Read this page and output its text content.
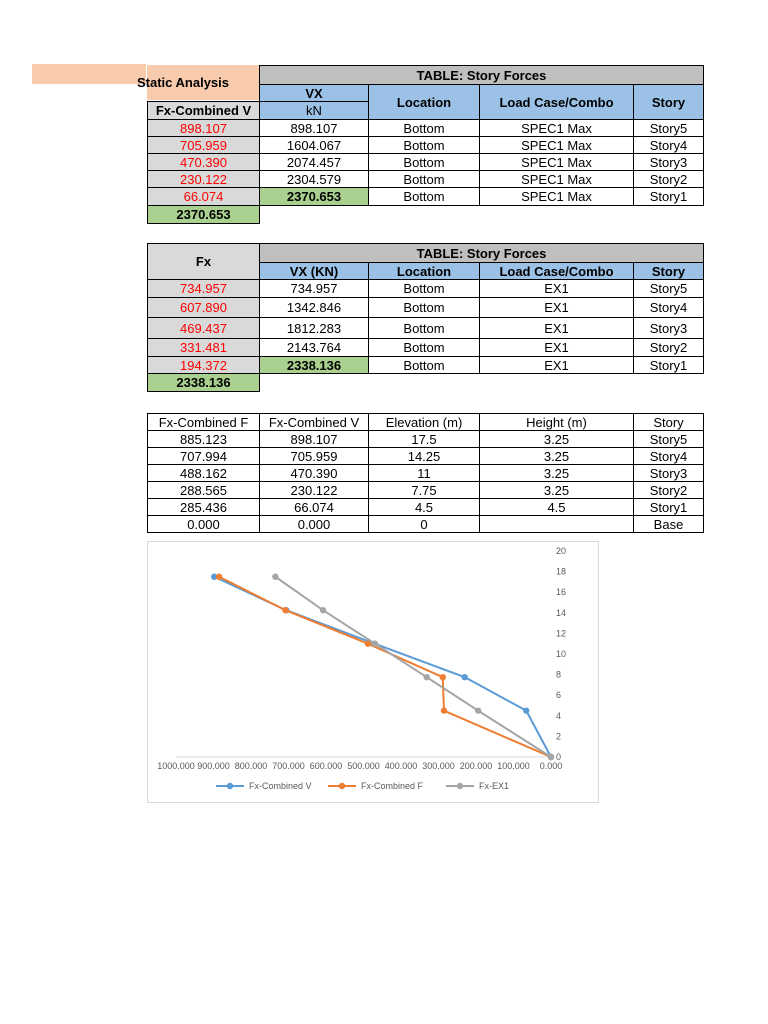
Static Analysis
		TABLE: Story Forces			
	VX	Location	Load Case/Combo	Story
Fx-Combined V	kN			
898.107	898.107	Bottom	SPEC1 Max	Story5
705.959	1604.067	Bottom	SPEC1 Max	Story4
470.390	2074.457	Bottom	SPEC1 Max	Story3
230.122	2304.579	Bottom	SPEC1 Max	Story2
66.074	2370.653	Bottom	SPEC1 Max	Story1
2370.653				
Fx	TABLE: Story Forces			
	VX (KN)	Location	Load Case/Combo	Story
734.957	734.957	Bottom	EX1	Story5
607.890	1342.846	Bottom	EX1	Story4
469.437	1812.283	Bottom	EX1	Story3
331.481	2143.764	Bottom	EX1	Story2
194.372	2338.136	Bottom	EX1	Story1
2338.136				
Fx-Combined F	Fx-Combined V	Elevation (m)	Height (m)	Story
885.123	898.107	17.5	3.25	Story5
707.994	705.959	14.25	3.25	Story4
488.162	470.390	11	3.25	Story3
288.565	230.122	7.75	3.25	Story2
285.436	66.074	4.5	4.5	Story1
0.000	0.000	0		Base
0
2
4
6
8
10
12
14
16
18
20
1000.000 900.000 800.000 700.000 600.000 500.000 400.000 300.000 200.000 100.000 0.000
Fx-Combined V	Fx-Combined F	Fx-EX1
